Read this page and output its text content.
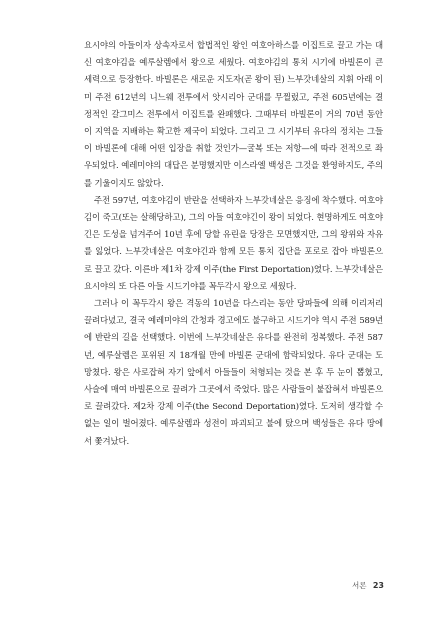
요시야의 아들이자 상속자로서 합법적인 왕인 여호아하스를 이집트로 끌고 가는 대신 여호야김을 예루살렘에서 왕으로 세웠다. 여호야김의 통치 시기에 바빌론이 큰 세력으로 등장한다. 바빌론은 새로운 지도자(곧 왕이 된) 느부갓네살의 지휘 아래 이미 주전 612년의 니느웨 전투에서 앗시리아 군대를 무찔렀고, 주전 605년에는 결정적인 갈그미스 전투에서 이집트를 완패했다. 그때부터 바빌론이 거의 70년 동안 이 지역을 지배하는 확고한 제국이 되었다. 그리고 그 시기부터 유다의 정치는 그들이 바빌론에 대해 어떤 입장을 취할 것인가—굴복 또는 저항—에 따라 전적으로 좌우되었다. 예레미야의 대답은 분명했지만 이스라엘 백성은 그것을 환영하지도, 주의를 기울이지도 않았다.

주전 597년, 여호야김이 반란을 선택하자 느부갓네살은 응징에 착수했다. 여호야김이 죽고(또는 살해당하고), 그의 아들 여호야긴이 왕이 되었다. 현명하게도 여호야긴은 도성을 넘겨주어 10년 후에 당할 유린을 당장은 모면했지만, 그의 왕위와 자유를 잃었다. 느부갓네살은 여호야긴과 함께 모든 통치 집단을 포로로 잡아 바빌론으로 끌고 갔다. 이른바 제1차 강제 이주(the First Deportation)였다. 느부갓네살은 요시야의 또 다른 아들 시드기야를 꼭두각시 왕으로 세웠다.

그러나 이 꼭두각시 왕은 격동의 10년을 다스리는 동안 당파들에 의해 이리저리 끌려다녔고, 결국 예레미야의 간청과 경고에도 불구하고 시드기야 역시 주전 589년에 반란의 길을 선택했다. 이번에 느부갓네살은 유다를 완전히 정복했다. 주전 587년, 예루살렘은 포위된 지 18개월 만에 바빌론 군대에 함락되었다. 유다 군대는 도망쳤다. 왕은 사로잡혀 자기 앞에서 아들들이 처형되는 것을 본 후 두 눈이 뽑혔고, 사슬에 매여 바빌론으로 끌려가 그곳에서 죽었다. 많은 사람들이 붙잡혀서 바빌론으로 끌려갔다. 제2차 강제 이주(the Second Deportation)였다. 도저히 생각할 수 없는 일이 벌어졌다. 예루살렘과 성전이 파괴되고 불에 탔으며 백성들은 유다 땅에서 쫓겨났다.

서론 23
